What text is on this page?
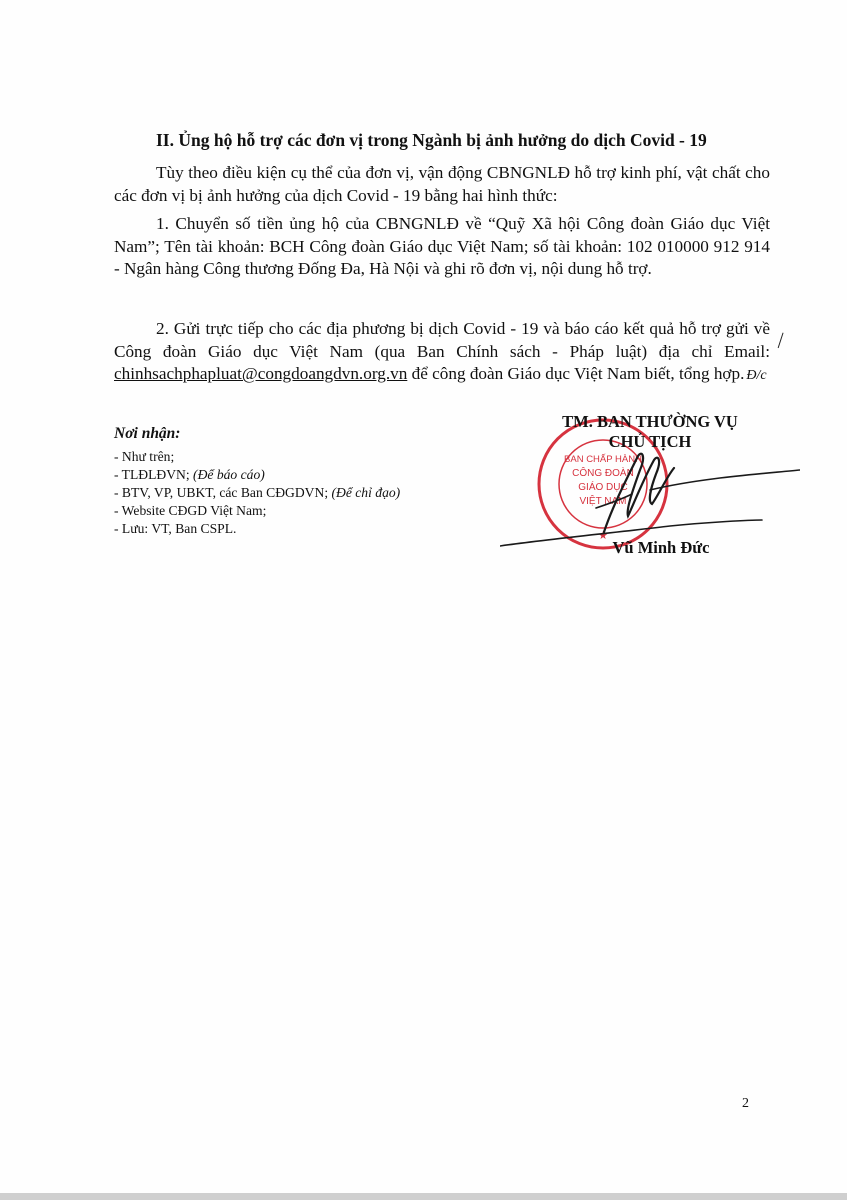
II. Ủng hộ hỗ trợ các đơn vị trong Ngành bị ảnh hưởng do dịch Covid - 19
Tùy theo điều kiện cụ thể của đơn vị, vận động CBNGNLĐ hỗ trợ kinh phí, vật chất cho các đơn vị bị ảnh hưởng của dịch Covid - 19 bằng hai hình thức:
1. Chuyển số tiền ủng hộ của CBNGNLĐ về “Quỹ Xã hội Công đoàn Giáo dục Việt Nam”; Tên tài khoản: BCH Công đoàn Giáo dục Việt Nam; số tài khoản: 102 010000 912 914 - Ngân hàng Công thương Đống Đa, Hà Nội và ghi rõ đơn vị, nội dung hỗ trợ.
2. Gửi trực tiếp cho các địa phương bị dịch Covid - 19 và báo cáo kết quả hỗ trợ gửi về Công đoàn Giáo dục Việt Nam (qua Ban Chính sách - Pháp luật) địa chỉ Email: chinhsachphapluat@congdoangdvn.org.vn để công đoàn Giáo dục Việt Nam biết, tổng hợp. Đ/c
Nơi nhận:
- Như trên;
- TLĐLĐVN; (Để báo cáo)
- BTV, VP, UBKT, các Ban CĐGDVN; (Để chỉ đạo)
- Website CĐGD Việt Nam;
- Lưu: VT, Ban CSPL.
BAN CHẤP HÀNH
CÔNG ĐOÀN
GIÁO DỤC
VIỆT NAM
★
TM. BAN THƯỜNG VỤ
CHỦ TỊCH
Vũ Minh Đức
2
